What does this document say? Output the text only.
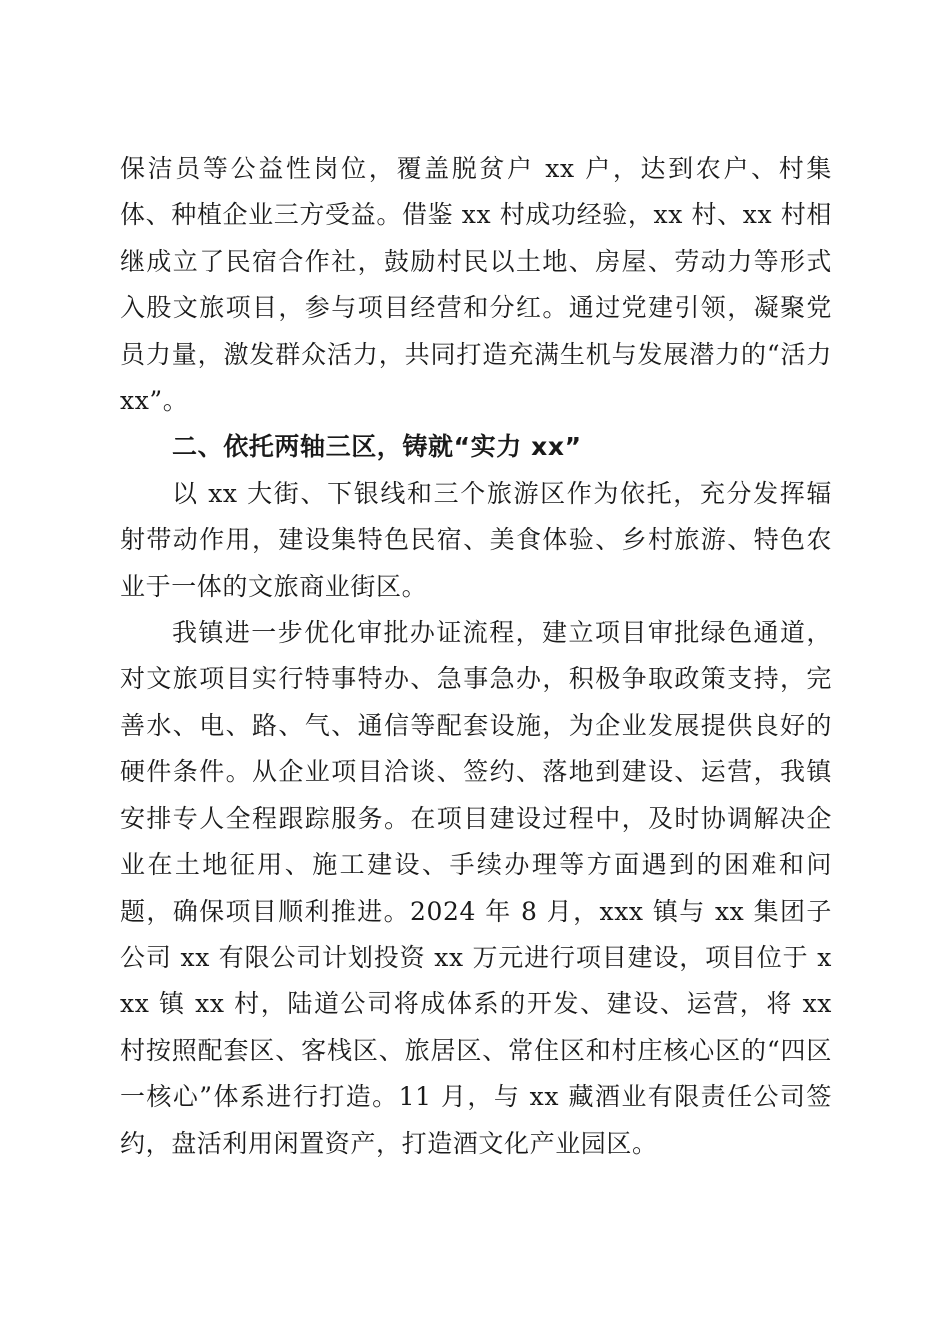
保洁员等公益性岗位，覆盖脱贫户 xx 户，达到农户、村集体、种植企业三方受益。借鉴 xx 村成功经验，xx 村、xx 村相继成立了民宿合作社，鼓励村民以土地、房屋、劳动力等形式入股文旅项目，参与项目经营和分红。通过党建引领，凝聚党员力量，激发群众活力，共同打造充满生机与发展潜力的“活力xx”。

二、依托两轴三区，铸就“实力 xx”

以 xx 大街、下银线和三个旅游区作为依托，充分发挥辐射带动作用，建设集特色民宿、美食体验、乡村旅游、特色农业于一体的文旅商业街区。

我镇进一步优化审批办证流程，建立项目审批绿色通道，对文旅项目实行特事特办、急事急办，积极争取政策支持，完善水、电、路、气、通信等配套设施，为企业发展提供良好的硬件条件。从企业项目洽谈、签约、落地到建设、运营，我镇安排专人全程跟踪服务。在项目建设过程中，及时协调解决企业在土地征用、施工建设、手续办理等方面遇到的困难和问题，确保项目顺利推进。2024 年 8 月，xxx 镇与 xx 集团子公司 xx 有限公司计划投资 xx 万元进行项目建设，项目位于 xxx 镇 xx 村，陆道公司将成体系的开发、建设、运营，将 xx 村按照配套区、客栈区、旅居区、常住区和村庄核心区的“四区一核心”体系进行打造。11 月，与 xx 藏酒业有限责任公司签约，盘活利用闲置资产，打造酒文化产业园区。
